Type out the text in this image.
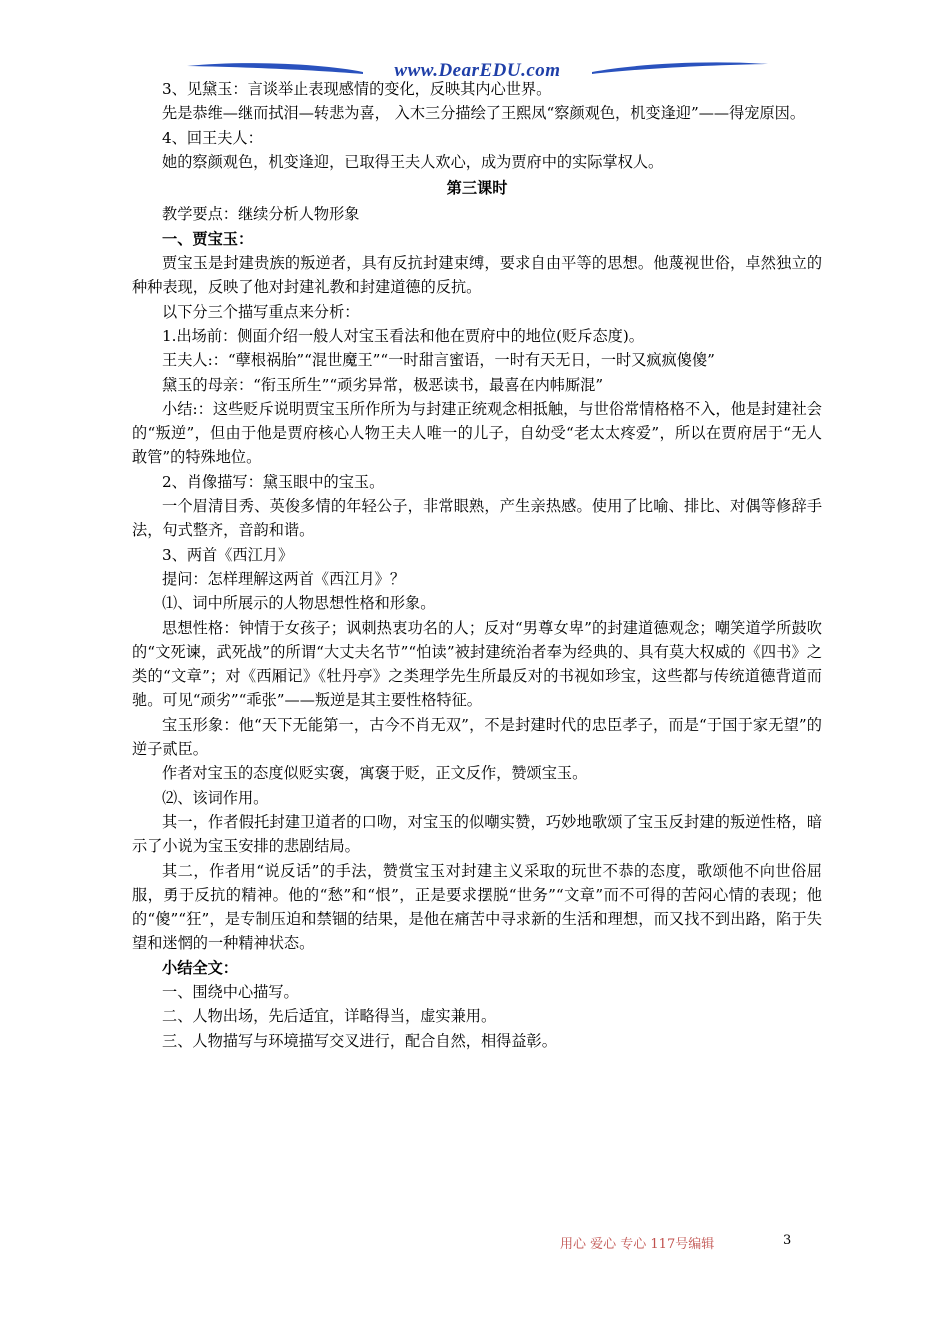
www.DearEDU.com

3、见黛玉：言谈举止表现感情的变化，反映其内心世界。

先是恭维—继而拭泪—转悲为喜， 入木三分描绘了王熙凤“察颜观色，机变逢迎”——得宠原因。

4、回王夫人：

她的察颜观色，机变逢迎，已取得王夫人欢心，成为贾府中的实际掌权人。

第三课时

教学要点：继续分析人物形象

一、贾宝玉：

贾宝玉是封建贵族的叛逆者，具有反抗封建束缚，要求自由平等的思想。他蔑视世俗，卓然独立的种种表现，反映了他对封建礼教和封建道德的反抗。

以下分三个描写重点来分析：

1.出场前：侧面介绍一般人对宝玉看法和他在贾府中的地位(贬斥态度)。

王夫人:：“孽根祸胎”“混世魔王”“一时甜言蜜语，一时有天无日，一时又疯疯傻傻”

黛玉的母亲：“衔玉所生”“顽劣异常，极恶读书，最喜在内帏厮混”

小结:：这些贬斥说明贾宝玉所作所为与封建正统观念相抵触，与世俗常情格格不入，他是封建社会的“叛逆”，但由于他是贾府核心人物王夫人唯一的儿子，自幼受“老太太疼爱”，所以在贾府居于“无人敢管”的特殊地位。

2、肖像描写：黛玉眼中的宝玉。

一个眉清目秀、英俊多情的年轻公子，非常眼熟，产生亲热感。使用了比喻、排比、对偶等修辞手法，句式整齐，音韵和谐。

3、两首《西江月》

提问：怎样理解这两首《西江月》？

⑴、词中所展示的人物思想性格和形象。

思想性格：钟情于女孩子；讽刺热衷功名的人；反对“男尊女卑”的封建道德观念；嘲笑道学所鼓吹的“文死谏，武死战”的所谓“大丈夫名节”“怕读”被封建统治者奉为经典的、具有莫大权威的《四书》之类的“文章”；对《西厢记》《牡丹亭》之类理学先生所最反对的书视如珍宝，这些都与传统道德背道而驰。可见“顽劣”“乖张”——叛逆是其主要性格特征。

宝玉形象：他“天下无能第一，古今不肖无双”，不是封建时代的忠臣孝子，而是“于国于家无望”的逆子贰臣。

作者对宝玉的态度似贬实褒，寓褒于贬，正文反作，赞颂宝玉。

⑵、该词作用。

其一，作者假托封建卫道者的口吻，对宝玉的似嘲实赞，巧妙地歌颂了宝玉反封建的叛逆性格，暗示了小说为宝玉安排的悲剧结局。

其二，作者用“说反话”的手法，赞赏宝玉对封建主义采取的玩世不恭的态度，歌颂他不向世俗屈服，勇于反抗的精神。他的“愁”和“恨”，正是要求摆脱“世务”“文章”而不可得的苦闷心情的表现；他的“傻”“狂”，是专制压迫和禁锢的结果，是他在痛苦中寻求新的生活和理想，而又找不到出路，陷于失望和迷惘的一种精神状态。

小结全文：

一、围绕中心描写。

二、人物出场，先后适宜，详略得当，虚实兼用。

三、人物描写与环境描写交叉进行，配合自然，相得益彰。

用心 爱心 专心 117号编辑	3
